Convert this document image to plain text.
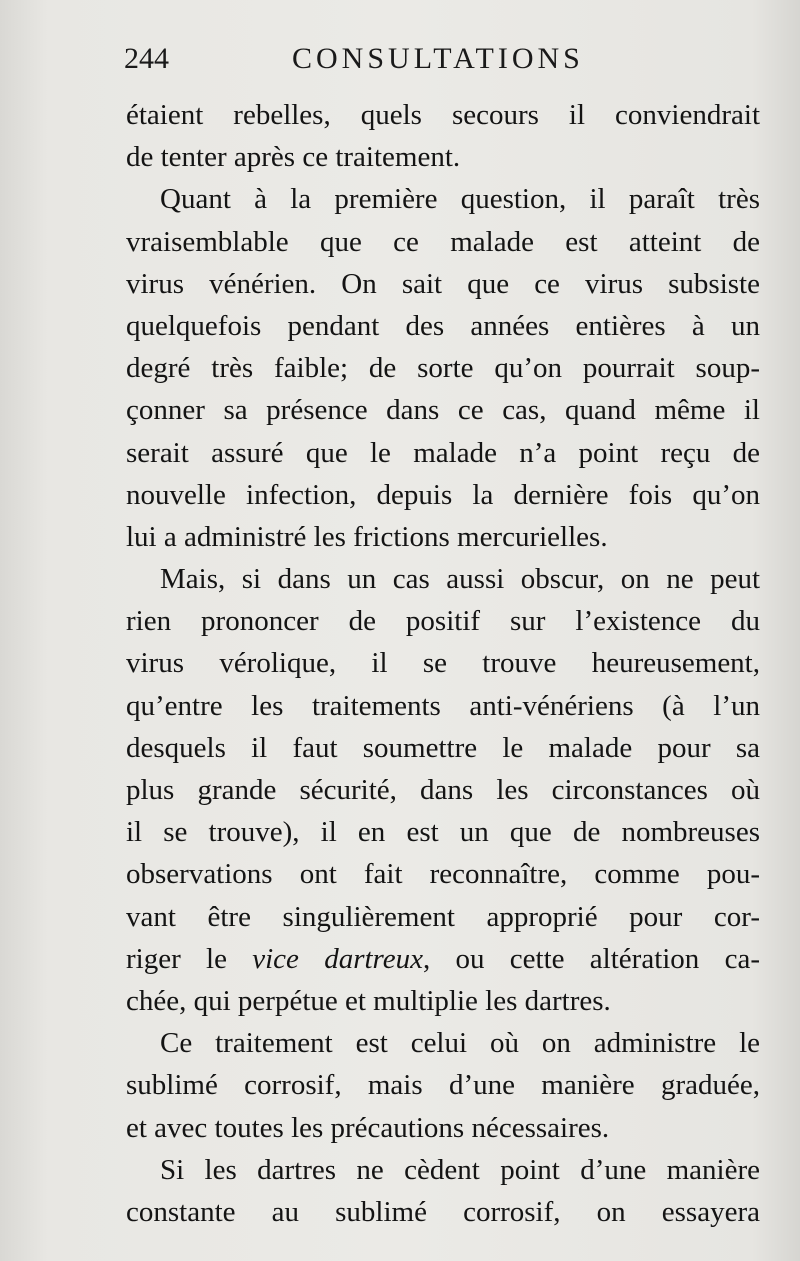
244	CONSULTATIONS
étaient rebelles, quels secours il conviendrait
de tenter après ce traitement.
Quant à la première question, il paraît très
vraisemblable que ce malade est atteint de
virus vénérien. On sait que ce virus subsiste
quelquefois pendant des années entières à un
degré très faible; de sorte qu’on pourrait soup-
çonner sa présence dans ce cas, quand même il
serait assuré que le malade n’a point reçu de
nouvelle infection, depuis la dernière fois qu’on
lui a administré les frictions mercurielles.
Mais, si dans un cas aussi obscur, on ne peut
rien prononcer de positif sur l’existence du
virus vérolique, il se trouve heureusement,
qu’entre les traitements anti-vénériens (à l’un
desquels il faut soumettre le malade pour sa
plus grande sécurité, dans les circonstances où
il se trouve), il en est un que de nombreuses
observations ont fait reconnaître, comme pou-
vant être singulièrement approprié pour cor-
riger le vice dartreux, ou cette altération ca-
chée, qui perpétue et multiplie les dartres.
Ce traitement est celui où on administre le
sublimé corrosif, mais d’une manière graduée,
et avec toutes les précautions nécessaires.
Si les dartres ne cèdent point d’une manière
constante au sublimé corrosif, on essayera
